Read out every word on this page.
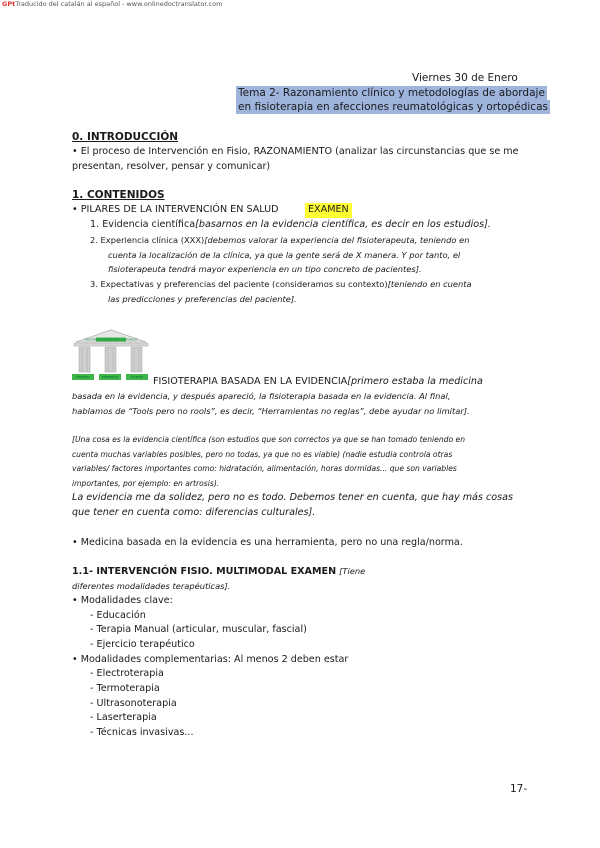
GPtTraducido del catalán al español - www.onlinedoctranslator.com
Viernes 30 de Enero
Tema 2- Razonamiento clínico y metodologías de abordaje
en fisioterapia en afecciones reumatológicas y ortopédicas
0. INTRODUCCIÓN
• El proceso de Intervención en Fisio, RAZONAMIENTO (analizar las circunstancias que se me
presentan, resolver, pensar y comunicar)
1. CONTENIDOS
• PILARES DE LA INTERVENCIÓN EN SALUD	EXAMEN
1. Evidencia científica[basarnos en la evidencia científica, es decir en los estudios].
2. Experiencia clínica (XXX)[debemos valorar la experiencia del fisioterapeuta, teniendo en
cuenta la localización de la clínica, ya que la gente será de X manera. Y por tanto, el
fisioterapeuta tendrá mayor experiencia en un tipo concreto de pacientes].
3. Expectativas y preferencias del paciente (consideramos su contexto)[teniendo en cuenta
las predicciones y preferencias del paciente].
FISIOTERAPIA BASADA EN LA EVIDENCIA
EVIDENCIA	EXPERIENCIA	PACIENTE FISIOTERAPIA BASADA EN LA EVIDENCIA[primero estaba la medicina
basada en la evidencia, y después apareció, la fisioterapia basada en la evidencia. Al final,
hablamos de “Tools pero no rools”, es decir, “Herramientas no reglas”, debe ayudar no limitar].
[Una cosa es la evidencia científica (son estudios que son correctos ya que se han tomado teniendo en
cuenta muchas variables posibles, pero no todas, ya que no es viable) (nadie estudia controla otras
variables/ factores importantes como: hidratación, alimentación, horas dormidas... que son variables
importantes, por ejemplo: en artrosis).
La evidencia me da solidez, pero no es todo. Debemos tener en cuenta, que hay más cosas
que tener en cuenta como: diferencias culturales].
• Medicina basada en la evidencia es una herramienta, pero no una regla/norma.
1.1- INTERVENCIÓN FISIO. MULTIMODAL EXAMEN [Tiene
diferentes modalidades terapéuticas].
• Modalidades clave:
- Educación
- Terapia Manual (articular, muscular, fascial)
- Ejercicio terapéutico
• Modalidades complementarias: Al menos 2 deben estar
- Electroterapia
- Termoterapia
- Ultrasonoterapia
- Laserterapia
- Técnicas invasivas...
17-
